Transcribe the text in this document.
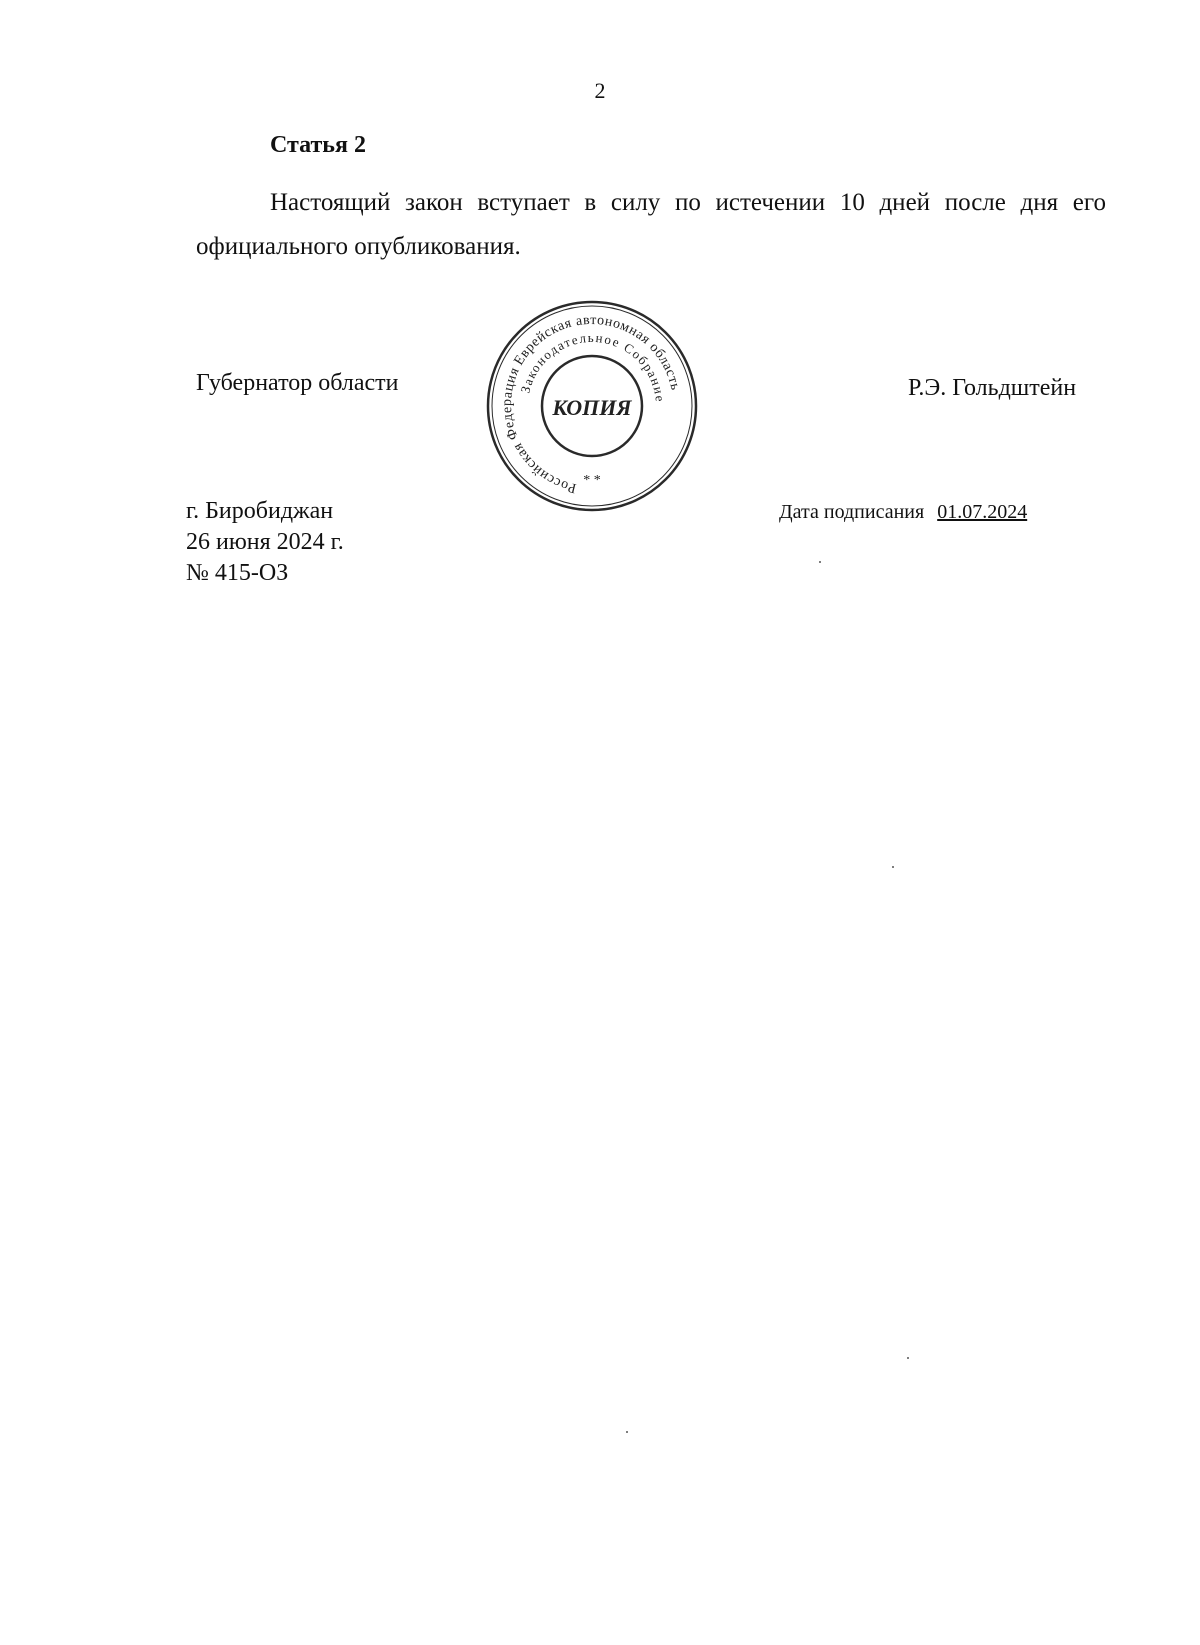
2
Статья 2

Настоящий закон вступает в силу по истечении 10 дней после дня его официального опубликования.

Губернатор области
Российская Федерация Еврейская автономная область
Законодательное Собрание
КОПИЯ
* *
Р.Э. Гольдштейн
г. Биробиджан
26 июня 2024 г.
№ 415-ОЗ
Дата подписания 01.07.2024
